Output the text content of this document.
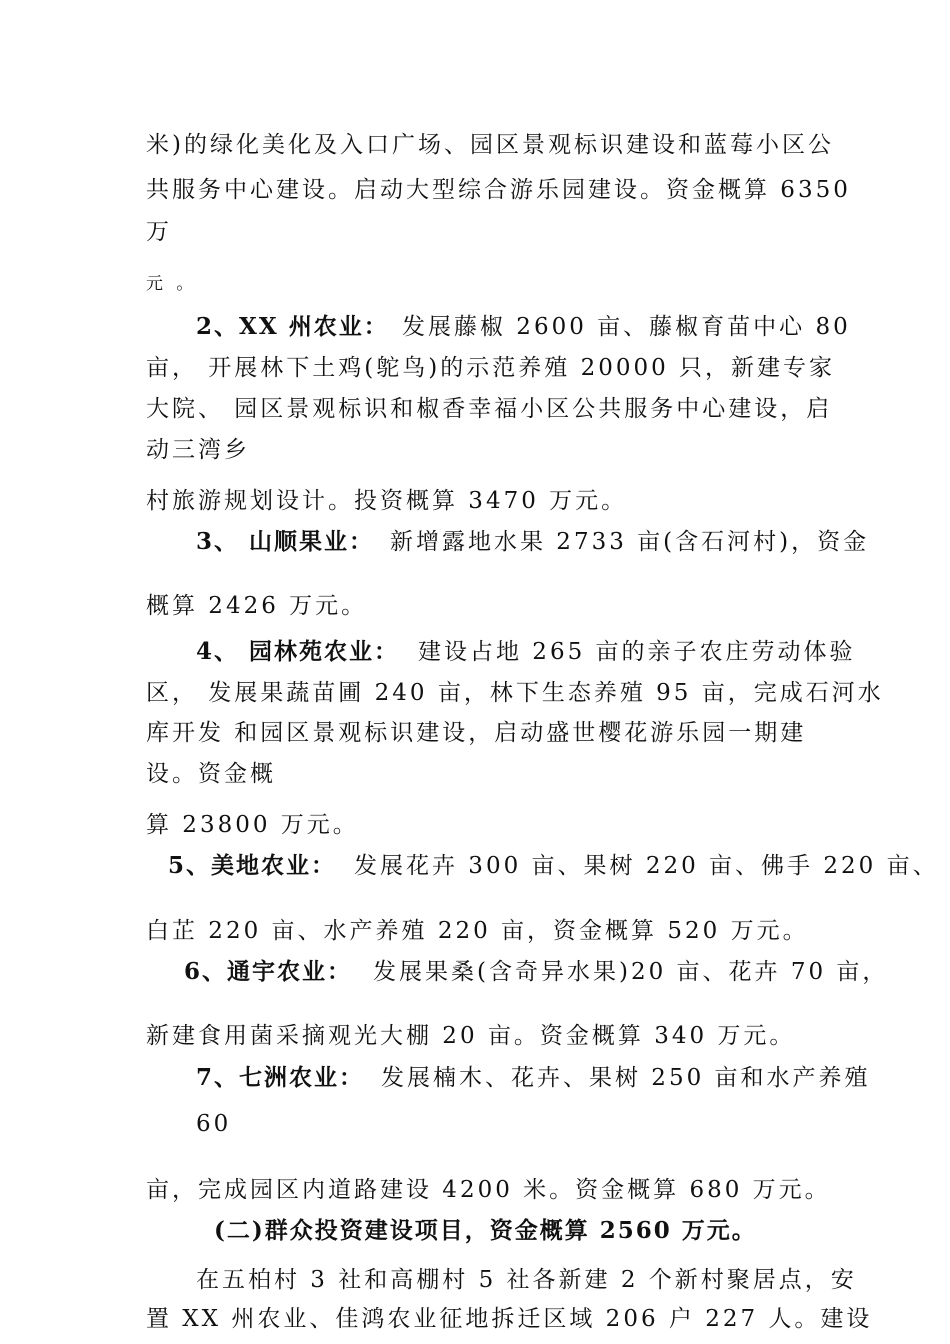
米)的绿化美化及入口广场、园区景观标识建设和蓝莓小区公
共服务中心建设。启动大型综合游乐园建设。资金概算 6350
万
元 。
2、XX 州农业： 发展藤椒 2600 亩、藤椒育苗中心 80
亩， 开展林下土鸡(鸵鸟)的示范养殖 20000 只，新建专家
大院、 园区景观标识和椒香幸福小区公共服务中心建设，启
动三湾乡
村旅游规划设计。投资概算 3470 万元。
3、 山顺果业： 新增露地水果 2733 亩(含石河村)，资金
概算 2426 万元。
4、 园林苑农业： 建设占地 265 亩的亲子农庄劳动体验
区， 发展果蔬苗圃 240 亩，林下生态养殖 95 亩，完成石河水
库开发 和园区景观标识建设，启动盛世樱花游乐园一期建
设。资金概
算 23800 万元。
5、美地农业： 发展花卉 300 亩、果树 220 亩、佛手 220 亩、
白芷 220 亩、水产养殖 220 亩，资金概算 520 万元。
6、通宇农业： 发展果桑(含奇异水果)20 亩、花卉 70 亩，
新建食用菌采摘观光大棚 20 亩。资金概算 340 万元。
7、七洲农业： 发展楠木、花卉、果树 250 亩和水产养殖
60
亩，完成园区内道路建设 4200 米。资金概算 680 万元。
(二)群众投资建设项目，资金概算 2560 万元。
在五柏村 3 社和高棚村 5 社各新建 2 个新村聚居点，安
置 XX 州农业、佳鸿农业征地拆迁区域 206 户 227 人。建设
